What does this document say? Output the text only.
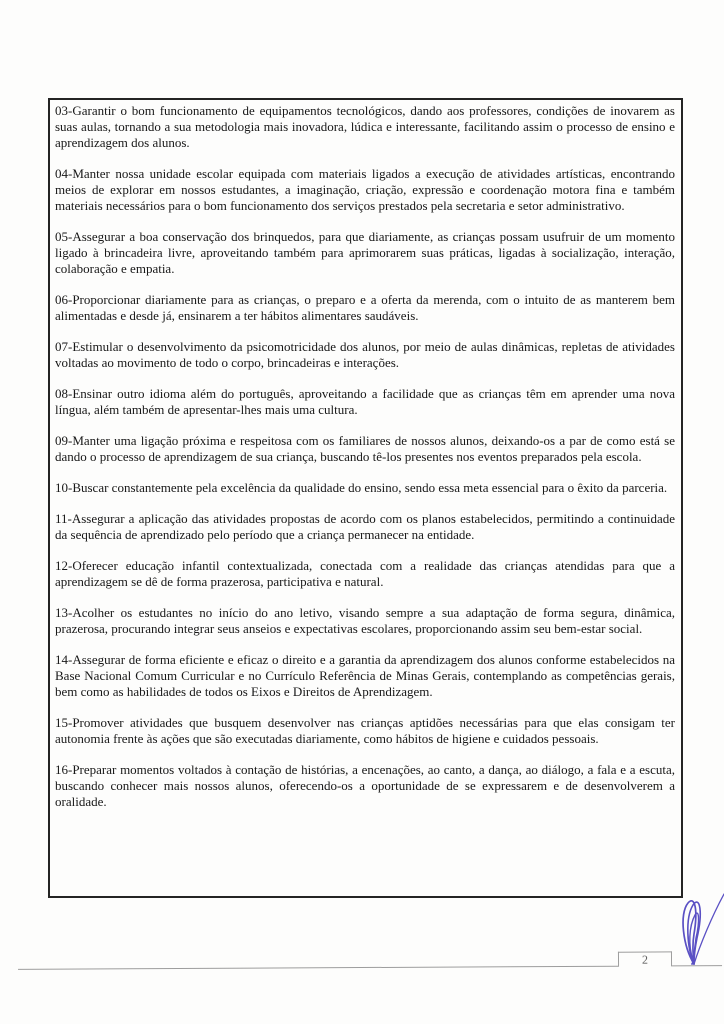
03-Garantir o bom funcionamento de equipamentos tecnológicos, dando aos professores, condições de inovarem as suas aulas, tornando a sua metodologia mais inovadora, lúdica e interessante, facilitando assim o processo de ensino e aprendizagem dos alunos.

04-Manter nossa unidade escolar equipada com materiais ligados a execução de atividades artísticas, encontrando meios de explorar em nossos estudantes, a imaginação, criação, expressão e coordenação motora fina e também materiais necessários para o bom funcionamento dos serviços prestados pela secretaria e setor administrativo.

05-Assegurar a boa conservação dos brinquedos, para que diariamente, as crianças possam usufruir de um momento ligado à brincadeira livre, aproveitando também para aprimorarem suas práticas, ligadas à socialização, interação, colaboração e empatia.

06-Proporcionar diariamente para as crianças, o preparo e a oferta da merenda, com o intuito de as manterem bem alimentadas e desde já, ensinarem a ter hábitos alimentares saudáveis.

07-Estimular o desenvolvimento da psicomotricidade dos alunos, por meio de aulas dinâmicas, repletas de atividades voltadas ao movimento de todo o corpo, brincadeiras e interações.

08-Ensinar outro idioma além do português, aproveitando a facilidade que as crianças têm em aprender uma nova língua, além também de apresentar-lhes mais uma cultura.

09-Manter uma ligação próxima e respeitosa com os familiares de nossos alunos, deixando-os a par de como está se dando o processo de aprendizagem de sua criança, buscando tê-los presentes nos eventos preparados pela escola.

10-Buscar constantemente pela excelência da qualidade do ensino, sendo essa meta essencial para o êxito da parceria.

11-Assegurar a aplicação das atividades propostas de acordo com os planos estabelecidos, permitindo a continuidade da sequência de aprendizado pelo período que a criança permanecer na entidade.

12-Oferecer educação infantil contextualizada, conectada com a realidade das crianças atendidas para que a aprendizagem se dê de forma prazerosa, participativa e natural.

13-Acolher os estudantes no início do ano letivo, visando sempre a sua adaptação de forma segura, dinâmica, prazerosa, procurando integrar seus anseios e expectativas escolares, proporcionando assim seu bem-estar social.

14-Assegurar de forma eficiente e eficaz o direito e a garantia da aprendizagem dos alunos conforme estabelecidos na Base Nacional Comum Curricular e no Currículo Referência de Minas Gerais, contemplando as competências gerais, bem como as habilidades de todos os Eixos e Direitos de Aprendizagem.

15-Promover atividades que busquem desenvolver nas crianças aptidões necessárias para que elas consigam ter autonomia frente às ações que são executadas diariamente, como hábitos de higiene e cuidados pessoais.

16-Preparar momentos voltados à contação de histórias, a encenações, ao canto, a dança, ao diálogo, a fala e a escuta, buscando conhecer mais nossos alunos, oferecendo-os a oportunidade de se expressarem e de desenvolverem a oralidade.

2
